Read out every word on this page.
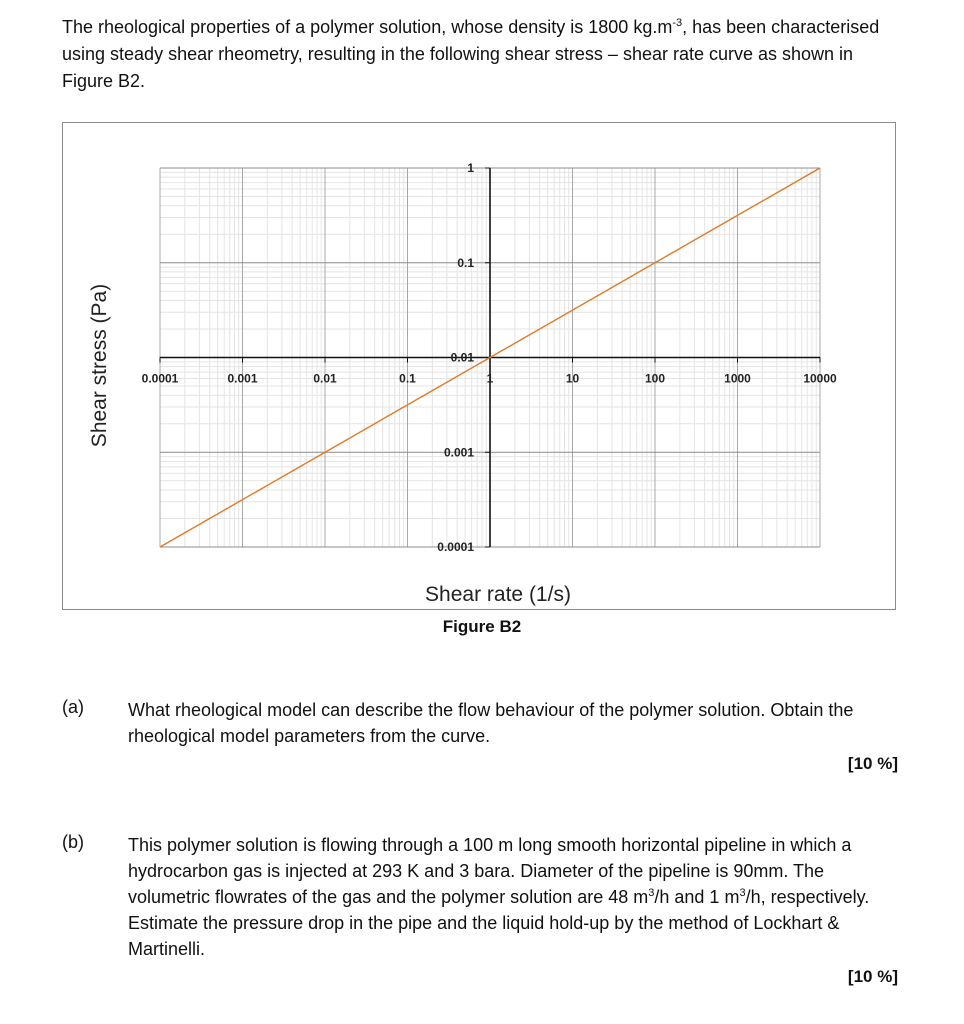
The rheological properties of a polymer solution, whose density is 1800 $kg.m^{-3}$, has been characterised using steady shear rheometry, resulting in the following shear stress – shear rate curve as shown in Figure B2.
0.0001	0.001	0.01	0.1	1	10	100	1000	10000
0.0001
0.001
0.01
0.1
1
Shear rate (1/s)
Shear stress (Pa)
Figure B2
(a) What rheological model can describe the flow behaviour of the polymer solution. Obtain the rheological model parameters from the curve.
[10 %]
(b) This polymer solution is flowing through a 100 m long smooth horizontal pipeline in which a hydrocarbon gas is injected at 293 K and 3 bara. Diameter of the pipeline is 90mm. The volumetric flowrates of the gas and the polymer solution are 48 $m^3/h$ and 1 $m^3/h$, respectively. Estimate the pressure drop in the pipe and the liquid hold-up by the method of Lockhart & Martinelli.
[10 %]
